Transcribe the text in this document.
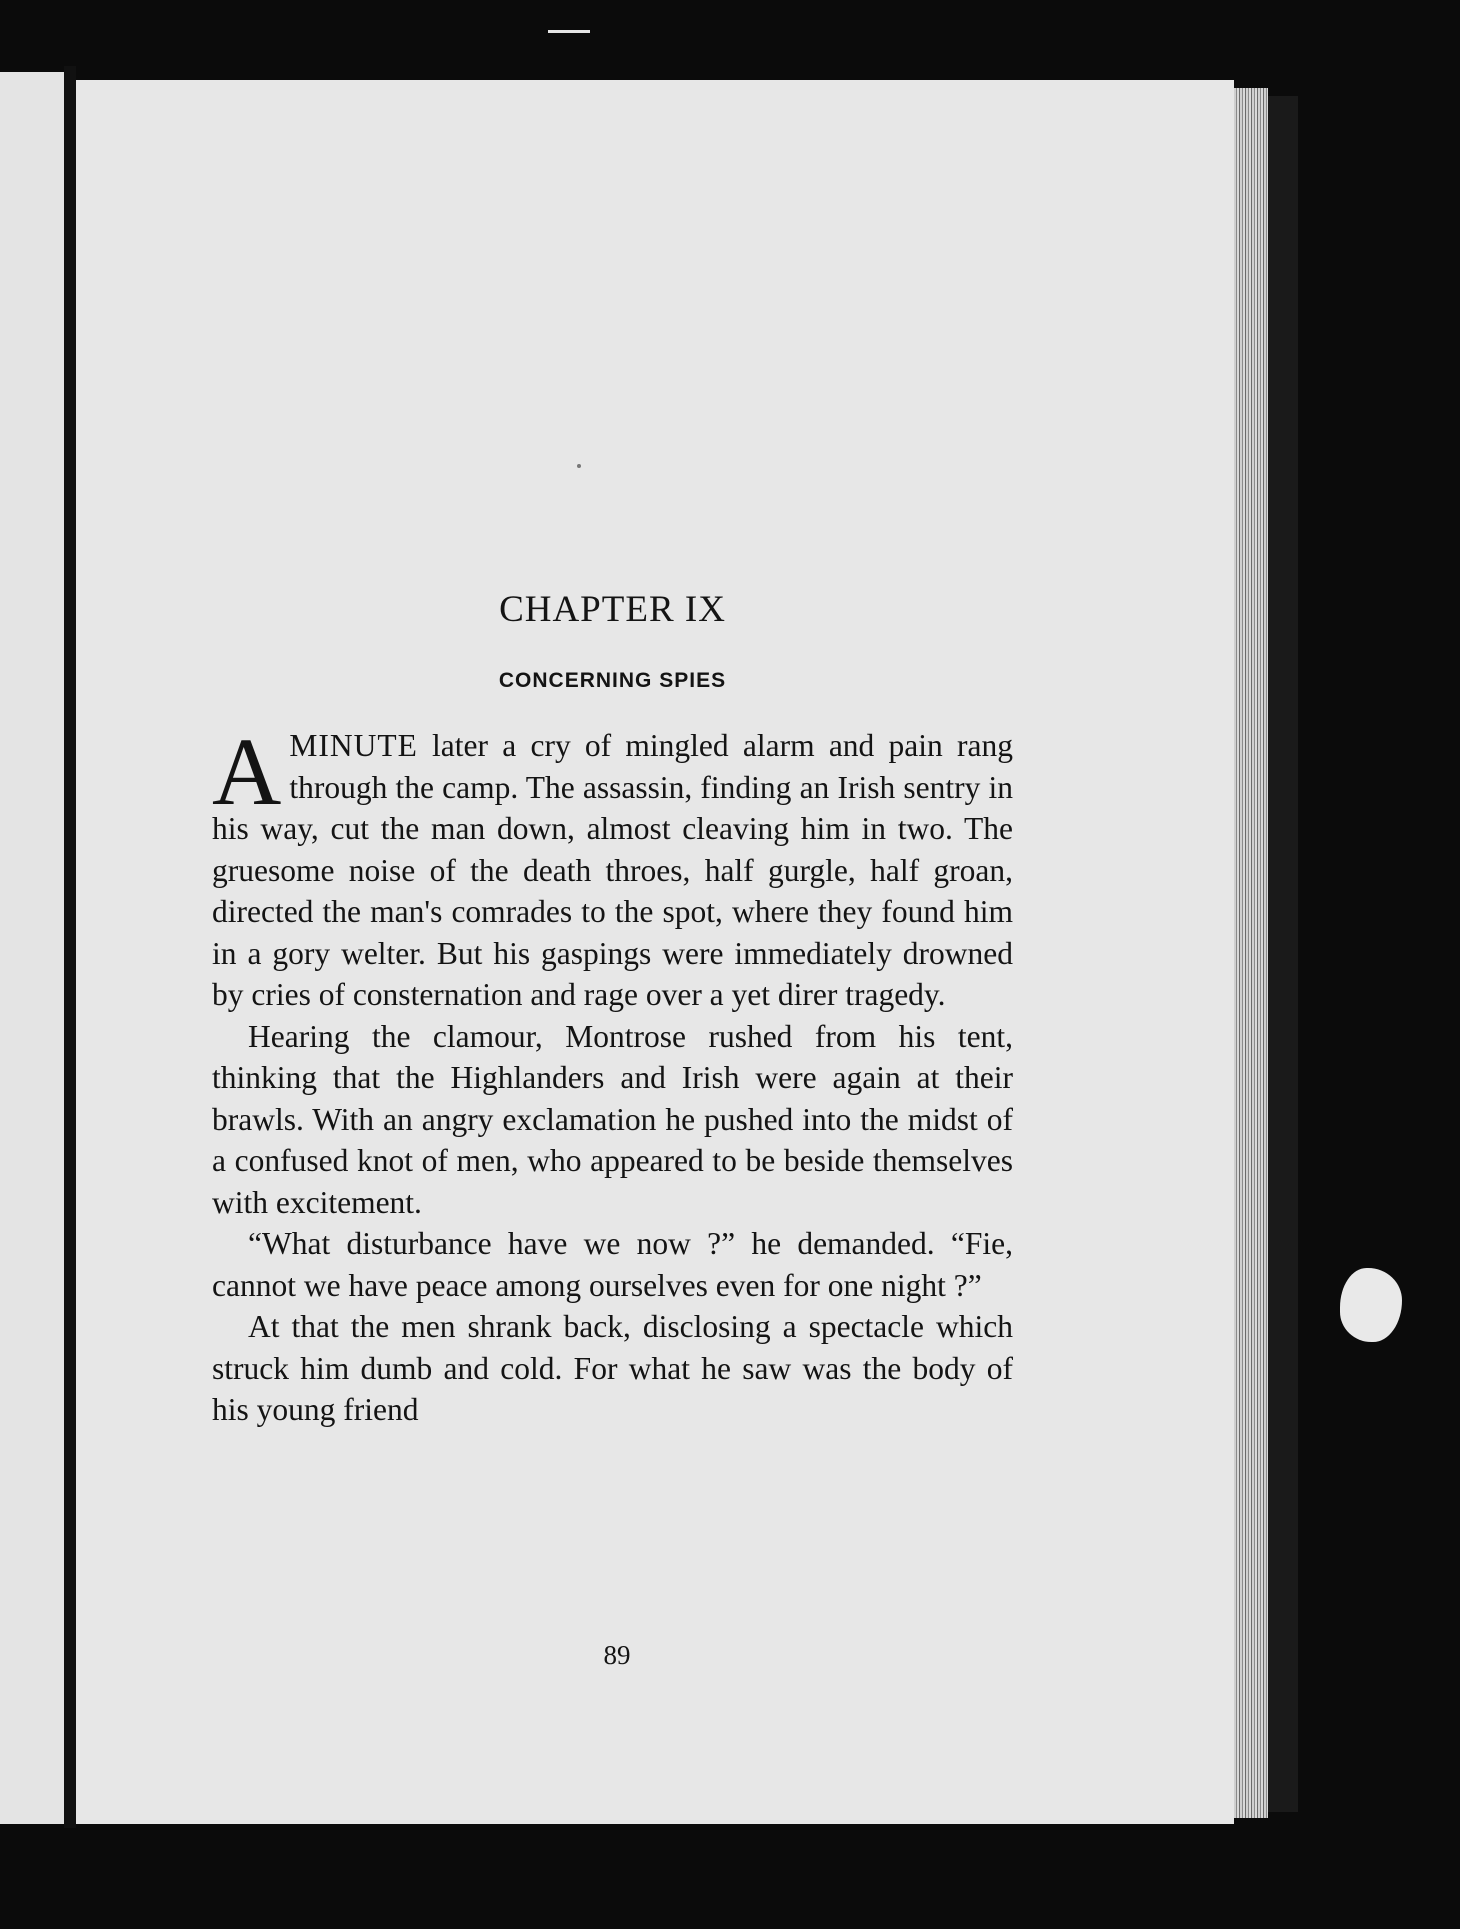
CHAPTER IX
CONCERNING SPIES

AMINUTE later a cry of mingled alarm and pain rang through the camp. The assassin, finding an Irish sentry in his way, cut the man down, almost cleaving him in two. The gruesome noise of the death throes, half gurgle, half groan, directed the man's comrades to the spot, where they found him in a gory welter. But his gaspings were immediately drowned by cries of consternation and rage over a yet direr tragedy.

Hearing the clamour, Montrose rushed from his tent, thinking that the Highlanders and Irish were again at their brawls. With an angry exclamation he pushed into the midst of a confused knot of men, who appeared to be beside themselves with excitement.

“What disturbance have we now ?” he demanded. “Fie, cannot we have peace among ourselves even for one night ?”

At that the men shrank back, disclosing a spectacle which struck him dumb and cold. For what he saw was the body of his young friend

89
